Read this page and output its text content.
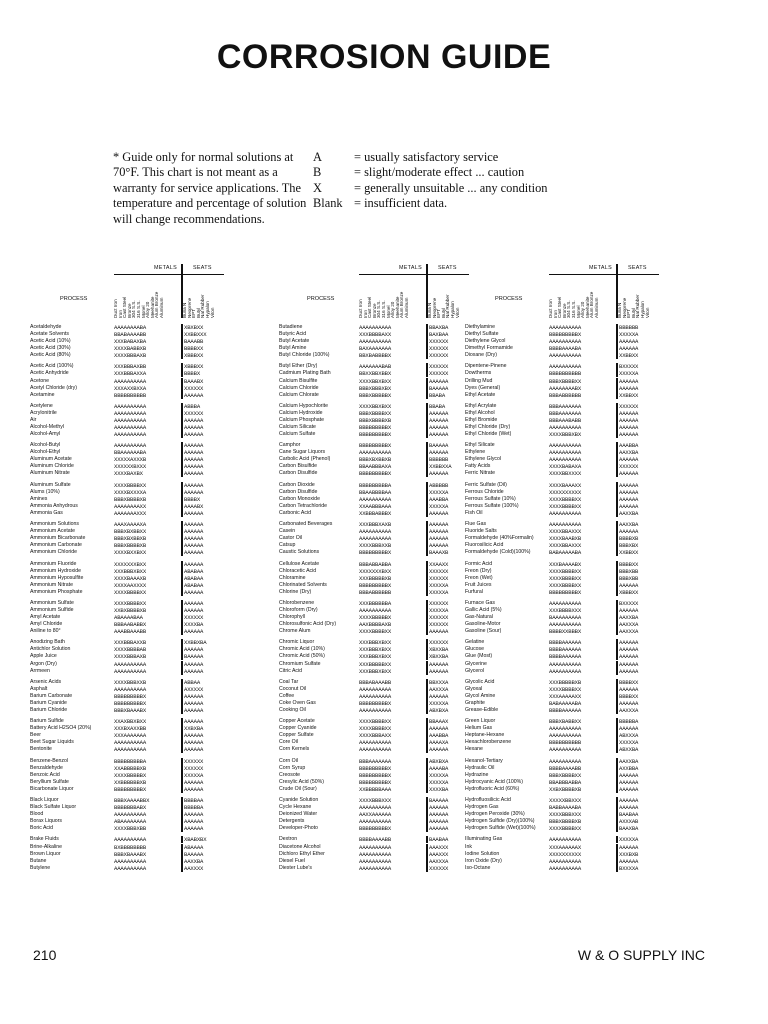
CORROSION GUIDE
* Guide only for normal solutions at 70°F. This chart is not meant as a warranty for service applications. The temperature and percentage of solution will change recommendations.
A	= usually satisfactory service
B	= slight/moderate effect ... caution
X	= generally unsuitable ... any condition
Blank = insufficient data.
METALS	SEATS
PROCESS
Duct Iron Iron Cast Steel Bronze 304 S.S. 316 S.S. Monel Alloy 20 Meehanite Alum Bronze Aluminum	Buna N Neoprene EPT Butyl Nat Rubber Hypalon Viton
Acetaldehyde	AAAAAAAABA	XBXBXX
Acetate Solvents	BBABAAAABB	XXBBXXX
Acetic Acid (10%)	XXXBABAXBA	BAAABB
Acetic Acid (30%)	XXXXBABBXB	BBBBXX
Acetic Acid (80%)	XXXXBBBAXB	XBBBXX
Acetic Acid (100%)	XXXBBBAXBB	XBBBXX
Acetic Anhydride	XXXBBBAXXA	BBBBX
Acetone	AAAAAAAAAA	BAAABX
Acetyl Chloride (dry)	XXXAXXBXXA	XXXXXX
Acetamine	BBBBBBBBBB	AAAAAA
Acetylene	AAAAAAAAAA	ABBBA
Acrylonitrile	AAAAAAAAAA	XXXXXX
Air	AAAAAAAAAA	AAAAAA
Alcohol-Methyl	AAAAAAAAAA	AAAAAA
Alcohol-Amyl	AAAAAAAAAA	AAAAAA
Alcohol-Butyl	AAAAAAAAAA	AAAAAA
Alcohol-Ethyl	BBAAAAAABA	AAAAAA
Aluminum Acetate	XXXXXAXXXB	AAAAAA
Aluminum Chloride	XXXXXXBXXX	AAAAAA
Aluminum Nitrate	XXXXBAXBX	AAAAAA
Aluminum Sulfate	XXXXBBBBXX	AAAAAA
Alums (10%)	XXXXBXXXXA	AAAAAA
Amines	BBBXBBBBXB	BBBBX
Ammonia Anhydrous	AAAAAAAAXX	AAAABX
Ammonia Gas	AAAAAAAXXX	AAAAAA
Ammonium Solutions	AAAXAAAAXA	AAAAAA
Ammonium Acetate	BBBXBXBBXX	AAAAAA
Ammonium Bicarbonate	BBBXBXBBXB	AAAAAA
Ammonium Carbonate	BBBXBBBBXB	AAAAAA
Ammonium Chloride	XXXXBXXBXX	AAAAAA
Ammonium Fluoride	XXXXXXXBXX	AAAAAA
Ammonium Hydroxide	XXXBBBXBXX	ABABAA
Ammonium Hyposulfite	XXXXBAAAXB	ABABAA
Ammonium Nitrate	XXXXAAXXXX	ABABAA
Ammonium Phosphate	XXXXBBBBXX	AAAAAA
Ammonium Sulfate	XXXXBBBBXX	AAAAAA
Ammonium Sulfide	XXBXBBBBXB	AAAAAA
Amyl Acetate	ABAAAABAA	XXXXXX
Amyl Chloride	BBBAABABBX	XXXXBA
Aniline to 80°	AAABBAAABB	AAAAAA
Anodizing Bath	XXXBBBAXXB	XXBBXBA
Antichlor Solution	XXXXBBBBAB	AAAAAA
Apple Juice	XXXXBBBAXB	BAAAAA
Argon (Dry)	AAAAAAAAAA	AAAAAA
Arrmeen	AAAAAAAAAA	AAAAAA
Arsenic Acids	XXXXBBBXXB	ABBAA
Asphalt	AAAAAAAAAA	AXXXXX
Barium Carbonate	BBBBBBBBBX	AAAAAA
Barium Cyanide	BBBBBBBBBX	AAAAAA
Barium Chloride	BBBXBAAABX	AAAAAA
Barium Sulfide	XXAXBBXBXX	AAAAAA
Battery Acid H2SO4 (20%)	XXXBXAXXBB	XXBXBA
Beer	XXXAAAAAAA	AAAAAA
Beet Sugar Liquids	AAAAAAAAAA	AAAAAA
Bentonite	AAAAAAAAAA	AAAAAA
Benzene-Benzol	BBBBBBBBBA	XXXXXX
Benzaldehyde	XXABBBBBXB	XXXXXX
Benzoic Acid	XXXXBBBBBX	XXXXXA
Beryllium Sulfate	XXBBBBBBXB	AAAAAA
Bicarbonate Liquor	BBBBBBBBBX	AAAAAA
Black Liquor	BBBXAAAABBX	BBBBAA
Black Sulfate Liquor	BBBBBBBABX	BBBBBA
Blood	AAAAAAAAAA	AAAAAA
Borax Liquors	ABAAAAAAAA	AAAAAA
Boric Acid	XXXXBBBXBB	AAAAAA
Brake Fluids	AAAAAAAAAA	XBABXBX
Brine-Alkaline	BXBBBBBBBB	ABAAAA
Brown Liquor	BBBXBAAABX	BAAAAA
Butane	AAAAAAAAAA	AAXXBA
Butylene	AAAAAAAAAA	AAXXXX
METALS	SEATS
PROCESS
Duct Iron Iron Cast Steel Bronze 304 S.S. 316 S.S. Monel Alloy 20 Meehanite Alum Bronze Aluminum	Buna N Neoprene EPT Butyl Nat Rubber Hypalon Viton
Butadiene	AAAAAAAAAA	BBAXBA
Butyric Acid	XXXBBBBAXX	BAXBAA
Butyl Acetate	AAAAAAAAAA	XXXXXX
Butyl Amine	BAXAAAAAAA	XXXXXX
Butyl Chloride (100%)	BBXBABBBBX	XXXXXX
Butyl Ether (Dry)	AAAAAAABAB	XXXXXX
Cadmium Plating Bath	BBXXBBXBBX	XXXXXX
Calcium Bisulfite	XXXXBBXBXX	AAAAAA
Calcium Chloride	BBBXBBBXBX	BAAAAA
Calcium Chlorate	BBBXBBBBBX	BBABA
Calcium Hypochlorite	XXXXBBXBXX	BBABA
Calcium Hydroxide	BBBXBBBBXX	AAAAAA
Calcium Phosphate	BBBXBBBBXB	AAAAAA
Calcium Silicate	BBBBBBBBBX	AAAAAA
Calcium Sulfate	BBBBBBBBBX	AAAAAA
Camphor	BBBBBBBBBX	BAAAAA
Cane Sugar Liquors	AAAAAAAAAA	AAAAAA
Carbolic Acid (Phenol)	BBBXBXBBXB	BBBBBB
Carbon Bisulfide	BBAABBBAXA	XXBBXXA
Carbon Disulfide	BBBBBBBBBX	AAAAAA
Carbon Dioxide	BBBBBBBBBA	ABBBBB
Carbon Disulfide	BBAABBBBAA	XXXXXA
Carbon Monoxide	AAAAAAAAAA	AAABBA
Carbon Tetrachloride	XXAABBBAAA	XXXXXA
Carbonic Acid	XXBBBABBBX	AAAAAA
Carbonated Beverages	XXXBBBXAXB	AAAAAA
Casein	AAAAAAAAAA	AAAAAA
Castor Oil	AAAAAAAAAA	AAAAAA
Catsup	XXXXBBBXXB	AAAAAA
Caustic Solutions	BBBBBBBBBX	BAAAXB
Cellulose Acetate	BBBABBABBA	XXAAXX
Chloracetic Acid	XXXXXXXBXX	XXXXXX
Chloramine	XXXBBBBBXB	XXXXXX
Chlorinated Solvents	BBBBBBBBBX	XXXXXA
Chlorine (Dry)	BBBABBBBBB	XXXXXA
Chlorobenzene	XXXBBBBBBA	XXXXXX
Chloroform (Dry)	AAAAAAAAAA	XXXXXA
Chlorophyll	XXXXBBBBBX	XXXXXX
Chlorosulfonic Acid (Dry)	AAXBBBBAXB	XXXXXX
Chrome Alum	XXXXBBBBXX	AAAAAA
Chromic Liquor	XXXBBBXBXX	XXXXXX
Chromic Acid (10%)	XXXBBBXBXX	XBXXBA
Chromic Acid (50%)	XXXBBBXBXX	XBXXBA
Chromium Sulfate	XXXBBBBBXX	AAAAAA
Citric Acid	XXXBBBXBXX	AAAAAA
Coal Tar	BBBABAAABB	BBXXXA
Coconut Oil	AAAAAAAAAA	AAXXXA
Coffee	AAAAAAAAAA	AAAAAA
Coke Oven Gas	BBBBBBBBBX	XXXXXA
Cooking Oil	AAAAAAAAAA	ABXBXA
Copper Acetate	XXXXBBBBXX	BBAAAX
Copper Cyanide	XXXXBBBBXX	AAAAAA
Copper Sulfate	XXXXBBBAXX	AAABBA
Core Oil	AAAAAAAAAA	AAAAXA
Corn Kernels	AAAAAAAAAA	AAAAAA
Corn Oil	BBBAAAAAAA	ABXBXA
Corn Syrup	BBBBBBBBBX	AAAABA
Creosote	BBBBBBBBBX	XXXXXA
Cresylic Acid (50%)	BBBBBBBBBX	XXXXXA
Crude Oil (Sour)	XXBBBBBAAA	XXXXBA
Cyanide Solution	XXXXBBBXXX	BAAAAA
Cycle Hexane	AAAAAAAAAA	AAAAAA
Deionized Water	AAXXAAAAAA	AAAAAA
Detergents	AAAAAAAAAA	AAAAAA
Developer-Photo	BBBBBBBBBX	AAAAAA
Dextron	BBBBAAAABB	BAABAA
Diacetone Alcohol	AAAAAAAAAA	AAAXXX
Dichloro Ethyl Ether	AAAAAAAAAA	AAAXXX
Diesel Fuel	AAAAAAAAAA	AAXXXA
Diester Lube's	AAAAAAAAAA	XXXXXX
METALS	SEATS
PROCESS
Duct Iron Iron Cast Steel Bronze 304 S.S. 316 S.S. Monel Alloy 20 Meehanite Alum Bronze Aluminum	Buna N Neoprene EPT Butyl Nat Rubber Hypalon Viton
Diethylamine	AAAAAAAAAA	BBBBBB
Diethyl Sulfate	BBBBBBBBBX	XXXXXA
Diethylene Glycol	AAAAAAAAAA	AAAAAA
Dimethyl Formamide	BBBBAAAABA	AAAAAA
Dioxane (Dry)	AAAAAAAAAA	XXBBXX
Dipentene-Pinene	AAAAAAAAAA	BXXXXX
Dowtherms	BBBBBBBBBB	XXXXXA
Drilling Mud	BBBXBBBBXX	AAAAAA
Dyes (General)	AAAAAAAABX	AAAAAA
Ethyl Acetate	BBBABBBBBB	XXBBXX
Ethyl Acrylate	BBBAAAAAAA	XXXXXX
Ethyl Alcohol	BBBAAAAAAA	AAAAAA
Ethyl Bromide	BBBAAABABB	AAAAAA
Ethyl Chloride (Dry)	AAAAAAAAAA	AAAAAA
Ethyl Chloride (Wet)	XXXXBBBXBX	AAAAAA
Ethyl Silicate	AAAAAAAAAA	AAABBA
Ethylene	AAAAAAAAAA	AAXXBA
Ethylene Glycol	AAAAAAAAAA	AAAAAA
Fatty Acids	XXXXBABAXA	XXXXXX
Ferric Nitrate	XXXXBBXXXX	AAAAAA
Ferric Sulfate (Dil)	XXXXBAAAXX	AAAAAA
Ferrous Chloride	XXXXXXXXXX	AAAAAA
Ferrous Sulfate (10%)	XXXXBBBBXX	AAAAAA
Ferrous Sulfate (100%)	XXXXBBBBXX	AAAAAA
Fish Oil	AAAAAAAAAA	AAXXBA
Flue Gas	AAAAAAAAAA	AAXXBA
Fluoride Salts	XXXXBBAXXX	AAAAAA
Formaldehyde (40%Formalin)	XXXXBAABXB	BBBBXB
Fluorosilicic Acid	XXXXBBAXXX	BBBXBX
Formaldehyde (Cold)(100%)	BABAAAAABA	XXBBXX
Formic Acid	XXXBAAAABX	BBBBXX
Freon (Dry)	XXXXBBBBXX	BBBXBB
Freon (Wet)	XXXXBBBBXX	BBBXBB
Fruit Juices	XXXXBBBBXX	AAAAAA
Furfural	BBBBBBBBBX	XBBBXX
Furnace Gas	AAAAAAAAAA	BXXXXX
Gallic Acid (5%)	XXXBBBBXXX	AAAAAA
Gas-Natural	BAAAAAAAAA	AAXXBA
Gasoline-Motor	AAAAAAAAAA	AAXXXA
Gasoline (Sour)	BBBBXXBBBX	AAXXXA
Gelatine	BBBBAAAAAA	AAAAAA
Glucose	BBBBAAAAAA	AAAAAA
Glue (Most)	BBBBAAAAAA	AAAAAA
Glycerine	AAAAAAAAAA	AAAAAA
Glycerol	AAAAAAAAAA	AAAAAA
Glycolic Acid	XXXBBBBBXB	BBBBXX
Glyoxal	XXXXBBBBXX	AAAAAA
Glycol Amine	XXXAAAAAXX	BBBBXX
Graphite	BABAAAAABA	AAAAAA
Grease-Edible	BBBBAAAAAA	AAXXXA
Green Liquor	BBBXBABBXX	BBBBBA
Helium Gas	AAAAAAAAAA	AAAAAA
Heptane-Hexane	AAAAAAAAAA	ABXXXA
Hexachlorobenzene	BBBBBBBBBB	XXXXXA
Hexane	AAAAAAAAAA	ABXXBA
Hexanol-Tertiary	AAAAAAAAAA	AAXXBA
Hydraulic Oil	BBBBAAAABB	AXXBBA
Hydrazine	BBBXBBBBXX	AAAAAA
Hydrocyanic Acid (100%)	BBABBBABBA	AAAAAA
Hydrofluoric Acid (60%)	XXBXBBBBXB	AAAAAA
Hydrofluosilicic Acid	XXXXXBBXXX	AAAAAA
Hydrogen Gas	BABBAAAABA	AAAAAA
Hydrogen Peroxide (30%)	XXXXBBBXXX	BAABAA
Hydrogen Sulfide (Dry)(100%)	BBBXBBBBXB	AXXXAB
Hydrogen Sulfide (Wet)(100%)	XXXXBBBBXX	BAAXBA
Illuminating Gas	AAAAAAAAAA	XXXXXA
Ink	XXXAAAAAAX	AAAAAA
Iodine Solution	XXXXXXXXXX	XXXBXB
Iron Oxide (Dry)	AAAAAAAAAA	AAAAAA
Iso-Octane	AAAAAAAAAA	BXXXXA
210	W & O SUPPLY INC
